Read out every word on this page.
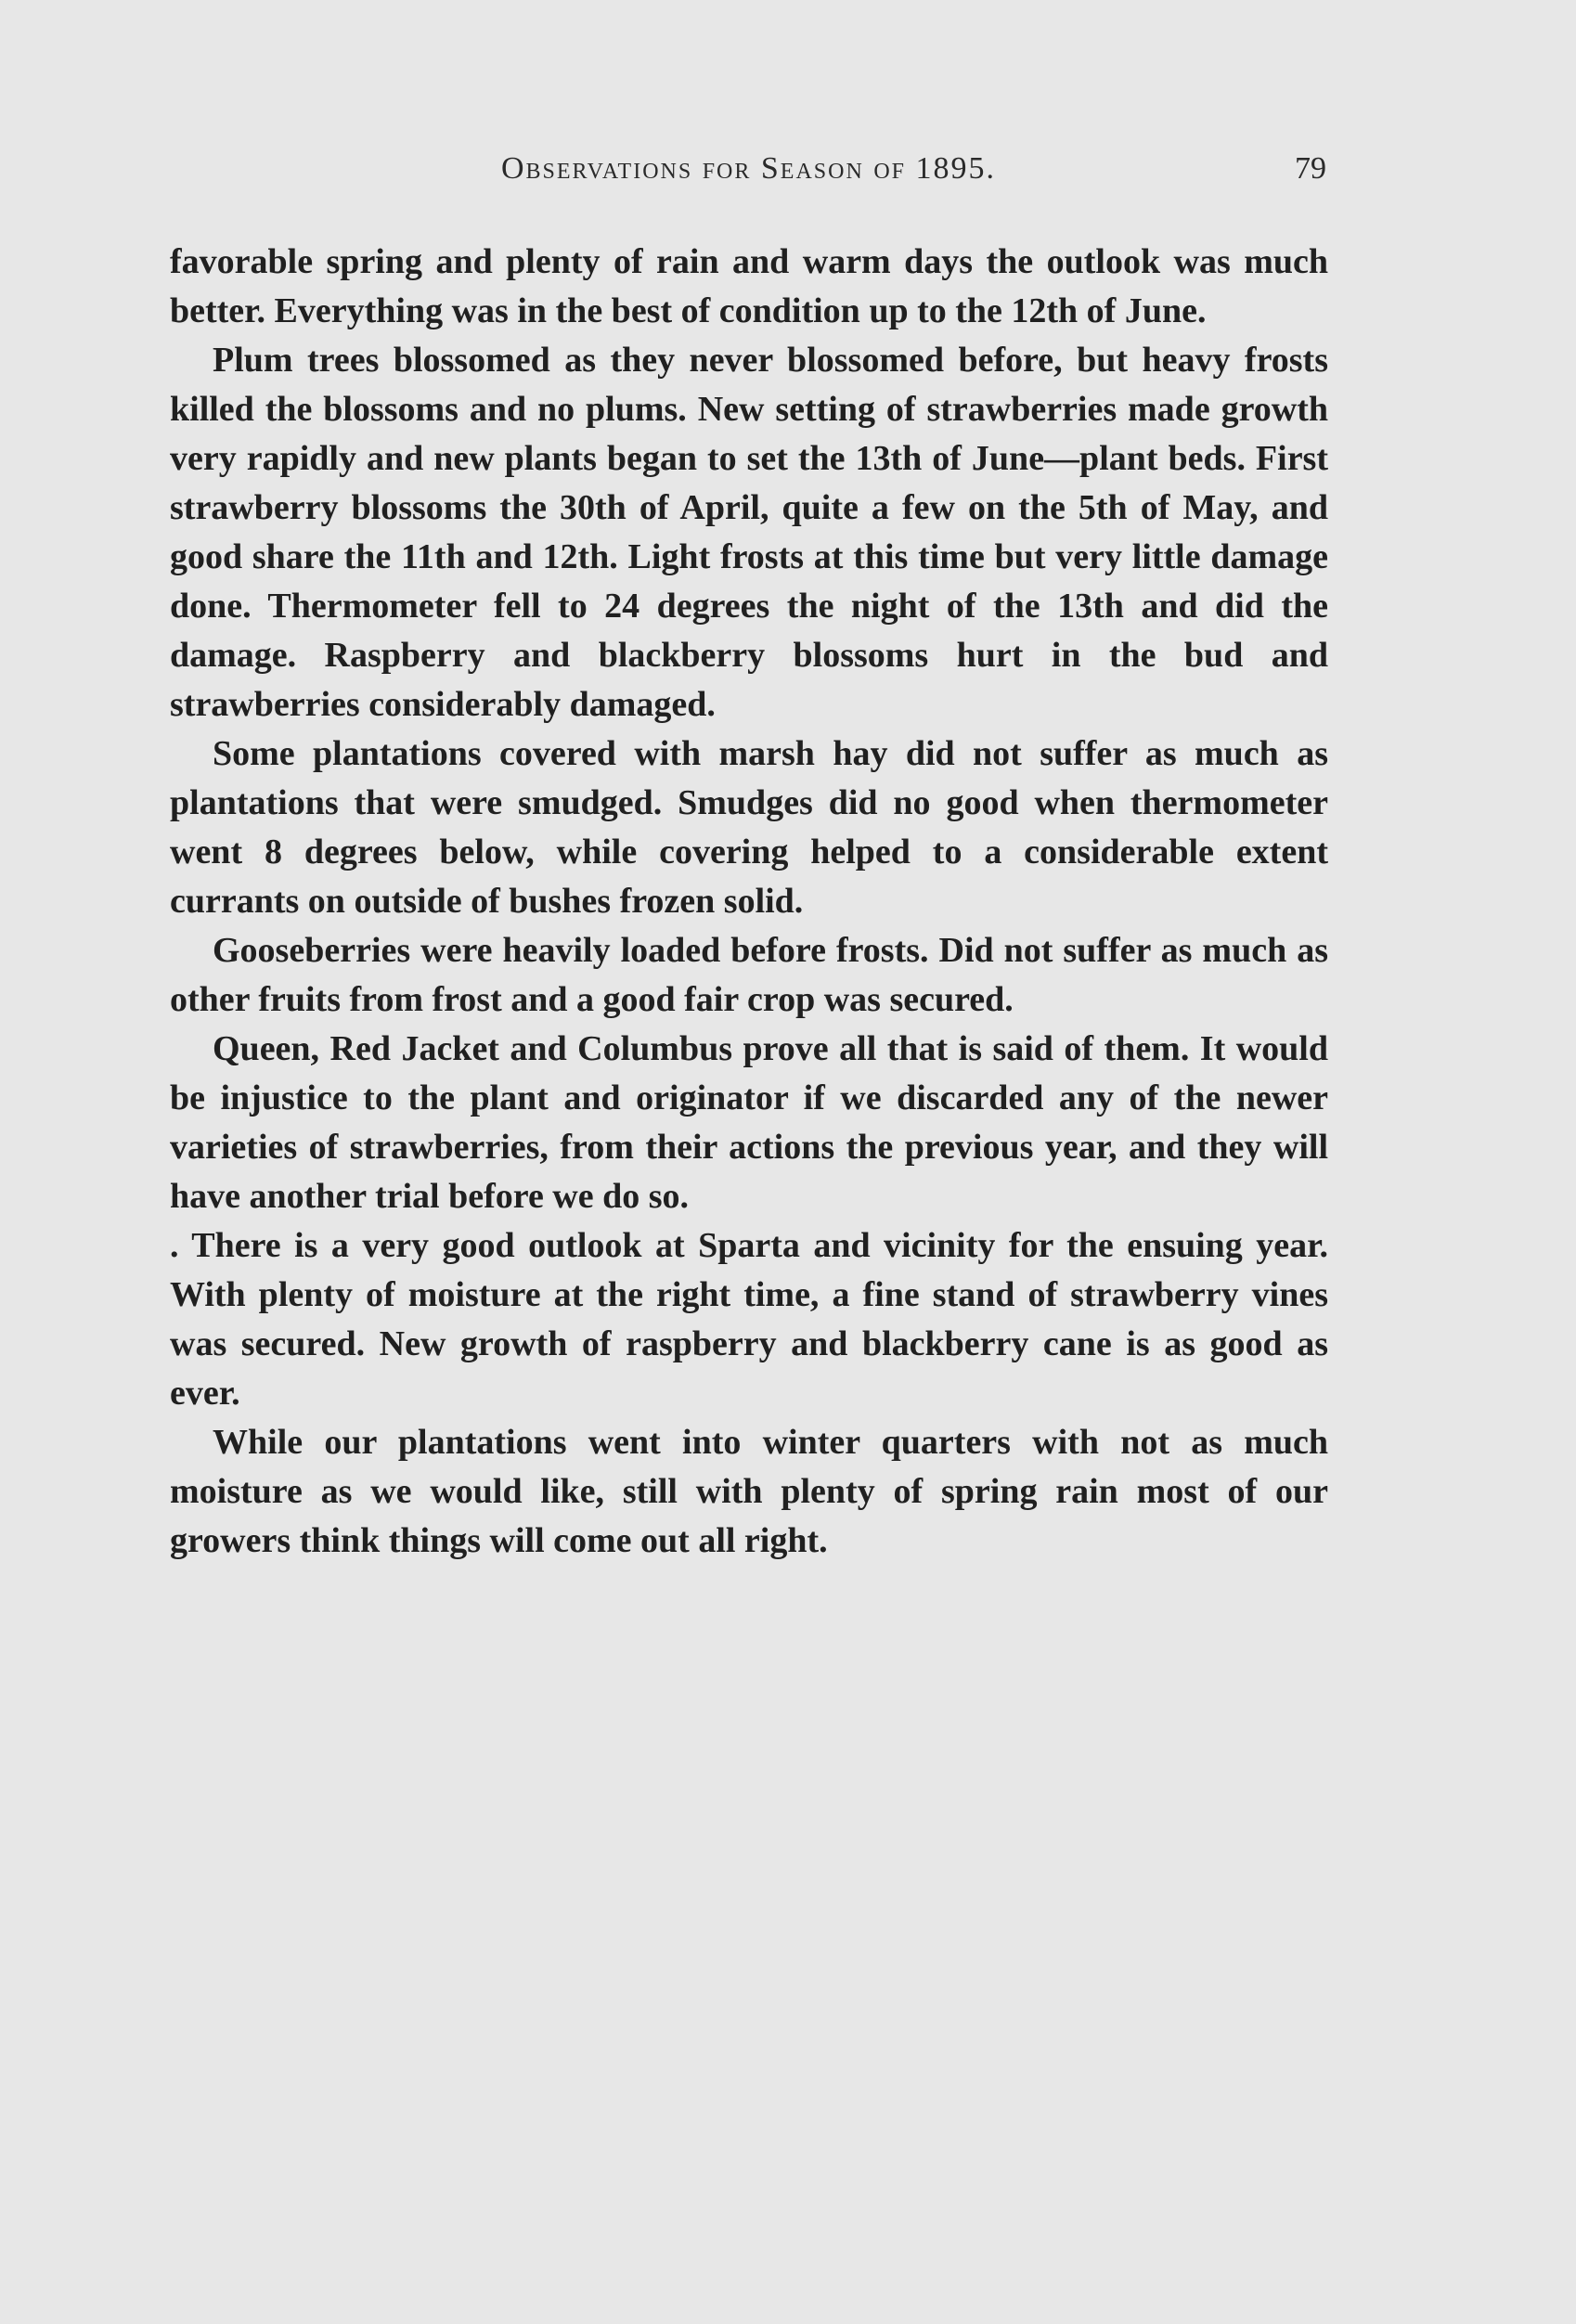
Observations for Season of 1895.	79

favorable spring and plenty of rain and warm days the outlook was much better. Everything was in the best of condition up to the 12th of June.

Plum trees blossomed as they never blossomed before, but heavy frosts killed the blossoms and no plums. New setting of strawberries made growth very rapidly and new plants began to set the 13th of June—plant beds. First strawberry blossoms the 30th of April, quite a few on the 5th of May, and good share the 11th and 12th. Light frosts at this time but very little damage done. Thermometer fell to 24 degrees the night of the 13th and did the damage. Raspberry and blackberry blossoms hurt in the bud and strawberries considerably damaged.

Some plantations covered with marsh hay did not suffer as much as plantations that were smudged. Smudges did no good when thermometer went 8 degrees below, while covering helped to a considerable extent currants on outside of bushes frozen solid.

Gooseberries were heavily loaded before frosts. Did not suffer as much as other fruits from frost and a good fair crop was secured.

Queen, Red Jacket and Columbus prove all that is said of them. It would be injustice to the plant and originator if we discarded any of the newer varieties of strawberries, from their actions the previous year, and they will have another trial before we do so.

. There is a very good outlook at Sparta and vicinity for the ensuing year. With plenty of moisture at the right time, a fine stand of strawberry vines was secured. New growth of raspberry and blackberry cane is as good as ever.

While our plantations went into winter quarters with not as much moisture as we would like, still with plenty of spring rain most of our growers think things will come out all right.
